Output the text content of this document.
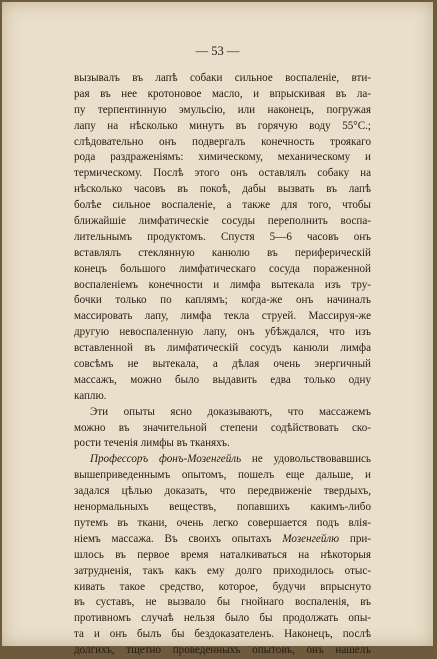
— 53 —
вызывалъ въ лапѣ собаки сильное воспаленіе, вти-
рая въ нее кротоновое масло, и впрыскивая въ ла-
пу терпентинную эмульсію, или наконецъ, погружая
лапу на нѣсколько минутъ въ горячую воду 55°С.;
слѣдовательно онъ подвергалъ конечность троякаго
рода раздраженіямъ: химическому, механическому и
термическому. Послѣ этого онъ оставлялъ собаку на
нѣсколько часовъ въ покоѣ, дабы вызвать въ лапѣ
болѣе сильное воспаленіе, а также для того, чтобы
ближайшіе лимфатическіе сосуды переполнить воспа-
лительнымъ продуктомъ. Спустя 5—6 часовъ онъ
вставлялъ стеклянную канюлю въ периферическій
конецъ большого лимфатическаго сосуда пораженной
воспаленіемъ конечности и лимфа вытекала изъ тру-
бочки только по каплямъ; когда-же онъ начиналъ
массировать лапу, лимфа текла струей. Массируя-же
другую невоспаленную лапу, онъ убѣждался, что изъ
вставленной въ лимфатическій сосудъ канюли лимфа
совсѣмъ не вытекала, а дѣлая очень энергичный
массажъ, можно было выдавить едва только одну
каплю.
Эти опыты ясно доказываютъ, что массажемъ
можно въ значительной степени содѣйствовать ско-
рости теченія лимфы въ тканяхъ.
Профессоръ фонъ-Мозенгейль не удовольствовавшись
вышеприведеннымъ опытомъ, пошелъ еще дальше, и
задался цѣлью доказать, что передвиженіе твердыхъ,
ненормальныхъ веществъ, попавшихъ какимъ-либо
путемъ въ ткани, очень легко совершается подъ влія-
ніемъ массажа. Въ своихъ опытахъ Мозенгейлю при-
шлось въ первое время наталкиваться на нѣкоторыя
затрудненія, такъ какъ ему долго приходилось отыс-
кивать такое средство, которое, будучи впрыснуто
въ суставъ, не вызвало бы гнойнаго воспаленія, въ
противномъ случаѣ нельзя было бы продолжать опы-
та и онъ былъ бы бездоказателенъ. Наконецъ, послѣ
долгихъ, тщетно проведенныхъ опытовъ, онъ нашелъ
